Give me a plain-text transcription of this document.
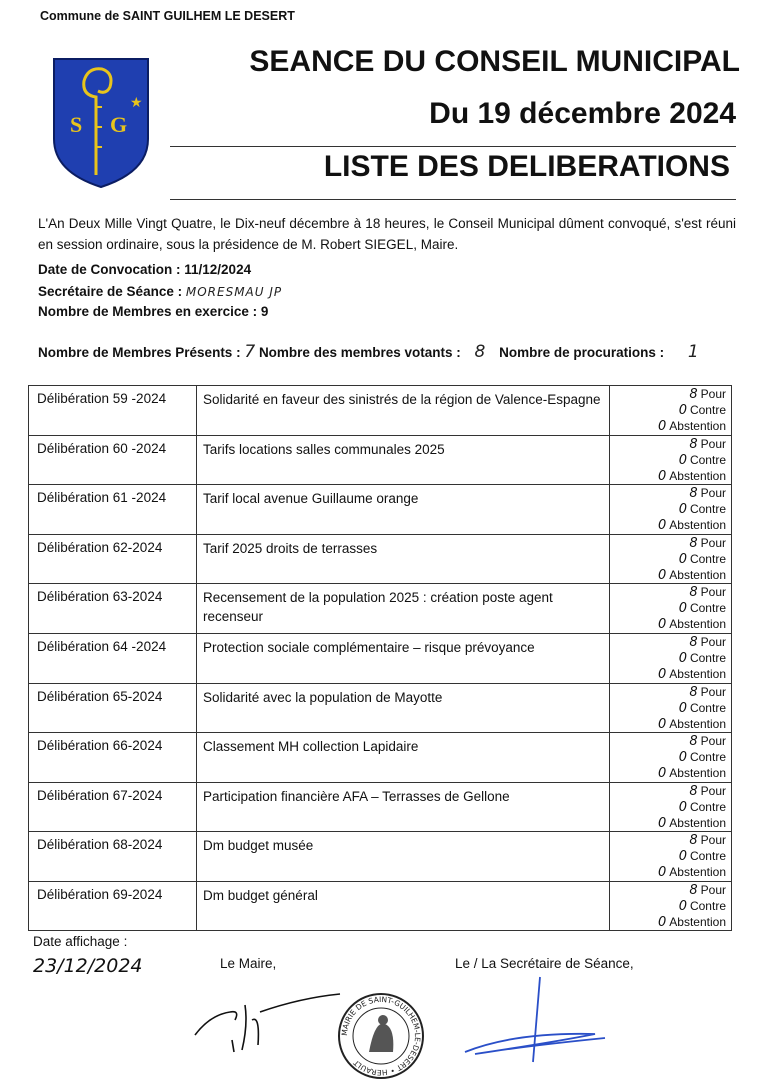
Commune de SAINT GUILHEM LE DESERT
S G
★
SEANCE DU CONSEIL MUNICIPAL
Du 19 décembre 2024
LISTE DES DELIBERATIONS
L'An Deux Mille Vingt Quatre, le Dix-neuf décembre à 18 heures, le Conseil Municipal dûment convoqué, s'est réuni en session ordinaire, sous la présidence de M. Robert SIEGEL, Maire.
Date de Convocation : 11/12/2024
Secrétaire de Séance : MORESMAU JP
Nombre de Membres en exercice : 9
Nombre de Membres Présents : 7 Nombre des membres votants : 8 Nombre de procurations : 1
Délibération 59 -2024	Solidarité en faveur des sinistrés de la région de Valence-Espagne	8 Pour
0 Contre
0 Abstention
Délibération 60 -2024	Tarifs locations salles communales 2025	8 Pour
0 Contre
0 Abstention
Délibération 61 -2024	Tarif local avenue Guillaume orange	8 Pour
0 Contre
0 Abstention
Délibération 62-2024	Tarif 2025 droits de terrasses	8 Pour
0 Contre
0 Abstention
Délibération 63-2024	Recensement de la population 2025 : création poste agent recenseur
8 Pour
0 Contre
0 Abstention
Délibération 64 -2024	Protection sociale complémentaire – risque prévoyance	8 Pour
0 Contre
0 Abstention
Délibération 65-2024	Solidarité avec la population de Mayotte	8 Pour
0 Contre
0 Abstention
Délibération 66-2024	Classement MH collection Lapidaire	8 Pour
0 Contre
0 Abstention
Délibération 67-2024	Participation financière AFA – Terrasses de Gellone	8 Pour
0 Contre
0 Abstention
Délibération 68-2024	Dm budget musée	8 Pour
0 Contre
0 Abstention
Délibération 69-2024	Dm budget général	8 Pour
0 Contre
0 Abstention
Date affichage :
23/12/2024	Le Maire,	Le / La Secrétaire de Séance,
MAIRIE DE SAINT-GUILHEM-LE-DESERT • HERAULT
